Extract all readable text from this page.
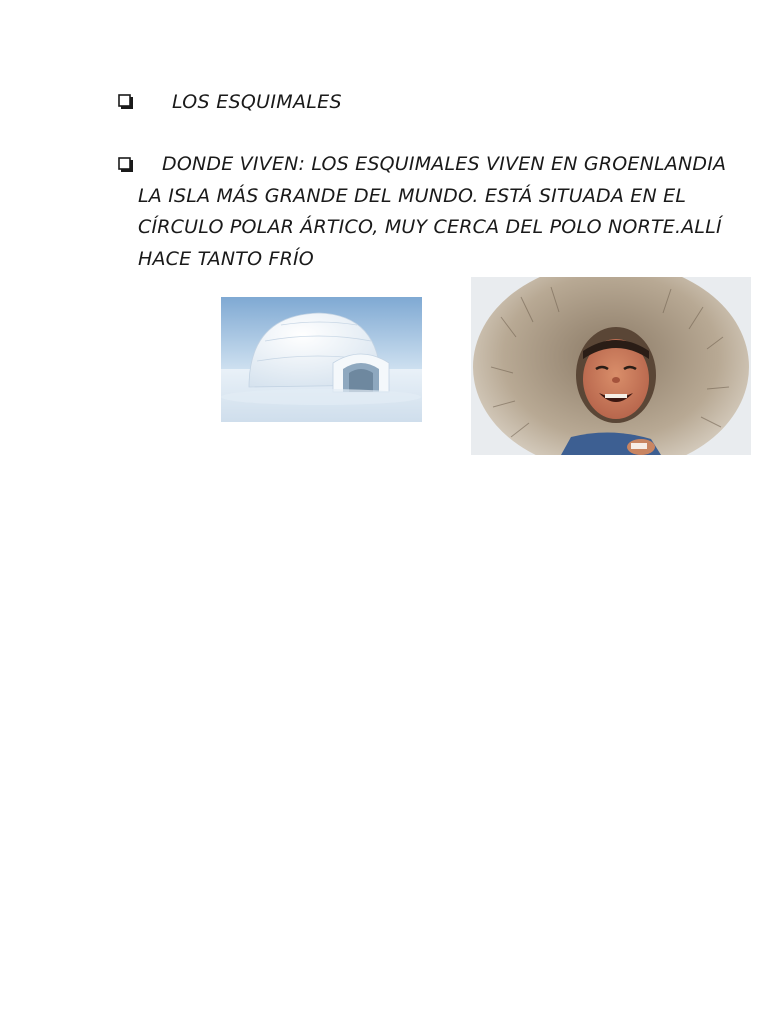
LOS ESQUIMALES
DONDE VIVEN: LOS ESQUIMALES VIVEN EN GROENLANDIA
LA ISLA MÁS GRANDE DEL MUNDO. ESTÁ SITUADA EN EL
CÍRCULO POLAR ÁRTICO, MUY CERCA DEL POLO NORTE.ALLÍ
HACE TANTO FRÍO
